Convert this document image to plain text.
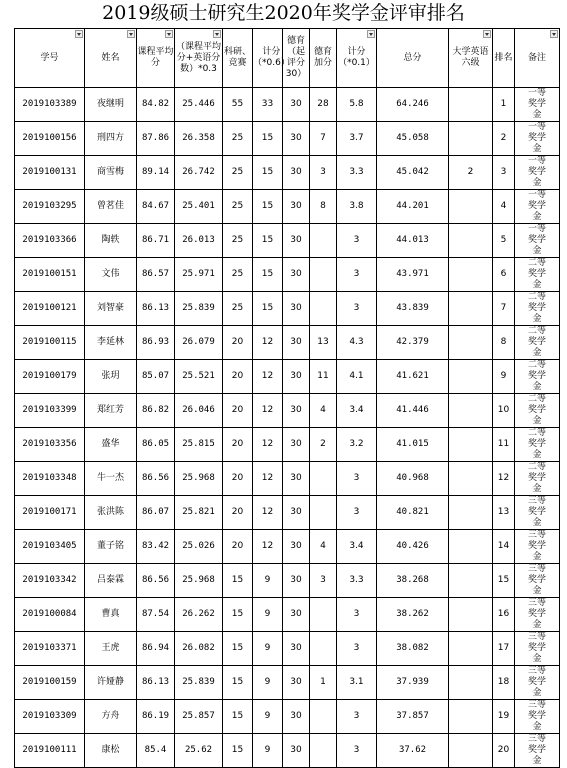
2019级硕士研究生2020年奖学金评审排名
学号	姓名	课程平均分	（课程平均分+英语分数）*0.3	科研、竞赛	计分（*0.6）	德育（起评分30）	德育加分	计分（*0.1）	总分	大学英语六级	排名	备注

2019103389	夜继明	84.82	25.446	55	33	30	28	5.8	64.246		1	一等奖学金
2019100156	刑四方	87.86	26.358	25	15	30	7	3.7	45.058		2	一等奖学金
2019100131	商雪梅	89.14	26.742	25	15	30	3	3.3	45.042	2	3	一等奖学金
2019103295	曾茗佳	84.67	25.401	25	15	30	8	3.8	44.201		4	一等奖学金
2019103366	陶轶	86.71	26.013	25	15	30		3	44.013		5	一等奖学金
2019100151	文伟	86.57	25.971	25	15	30		3	43.971		6	二等奖学金
2019100121	刘智豪	86.13	25.839	25	15	30		3	43.839		7	二等奖学金
2019100115	李延林	86.93	26.079	20	12	30	13	4.3	42.379		8	二等奖学金
2019100179	张玥	85.07	25.521	20	12	30	11	4.1	41.621		9	二等奖学金
2019103399	郑红芳	86.82	26.046	20	12	30	4	3.4	41.446		10	二等奖学金
2019103356	盛华	86.05	25.815	20	12	30	2	3.2	41.015		11	二等奖学金
2019103348	牛一杰	86.56	25.968	20	12	30		3	40.968		12	二等奖学金
2019100171	张洪陈	86.07	25.821	20	12	30		3	40.821		13	三等奖学金
2019103405	董子铭	83.42	25.026	20	12	30	4	3.4	40.426		14	三等奖学金
2019103342	吕泰霖	86.56	25.968	15	9	30	3	3.3	38.268		15	三等奖学金
2019100084	曹真	87.54	26.262	15	9	30		3	38.262		16	三等奖学金
2019103371	王虎	86.94	26.082	15	9	30		3	38.082		17	三等奖学金
2019100159	许娅静	86.13	25.839	15	9	30	1	3.1	37.939		18	三等奖学金
2019103309	方舟	86.19	25.857	15	9	30		3	37.857		19	三等奖学金
2019100111	康松	85.4	25.62	15	9	30		3	37.62		20	三等奖学金
